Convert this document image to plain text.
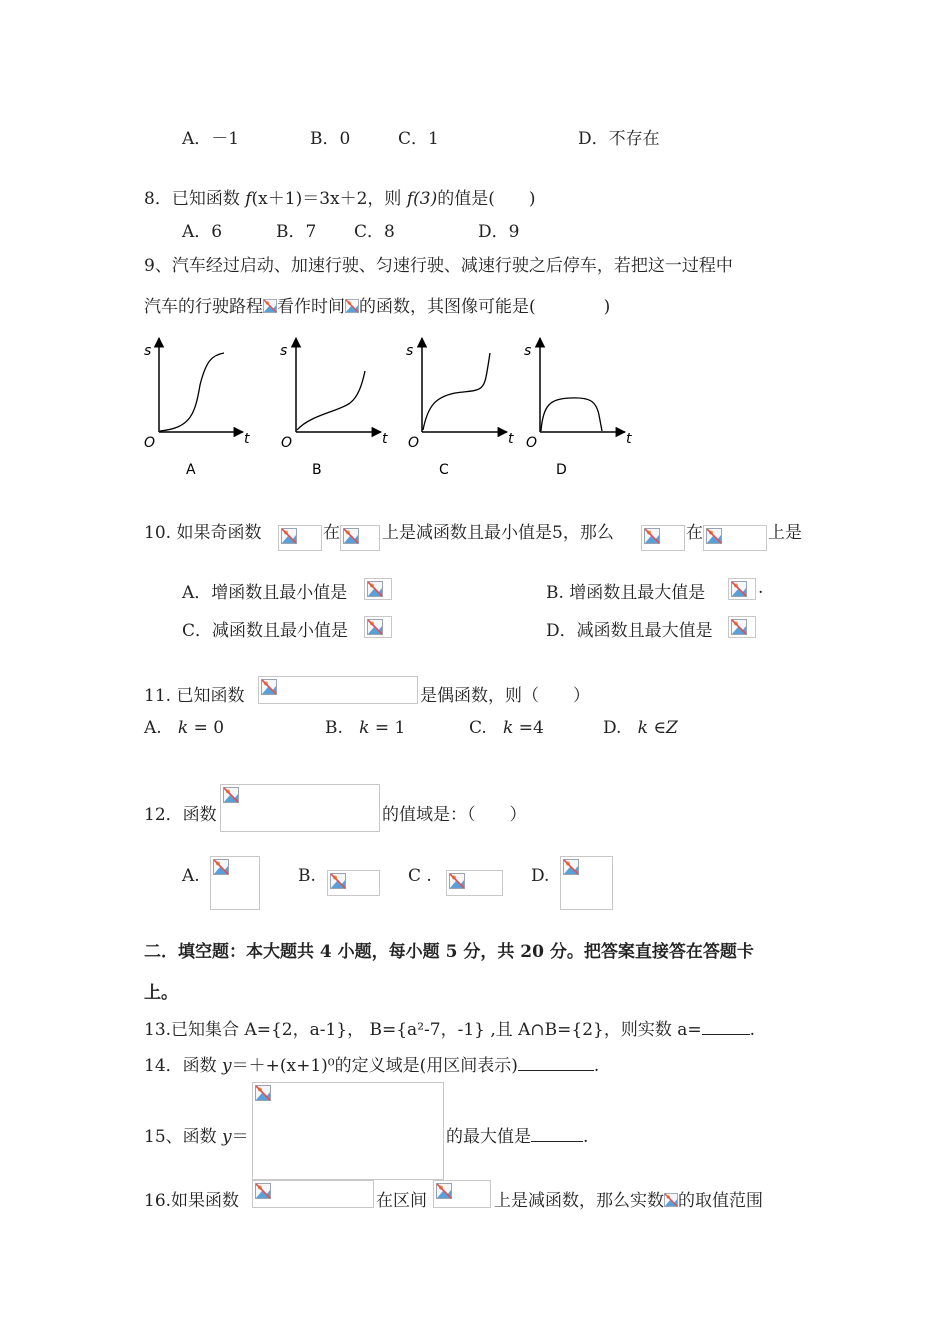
A．－1	B．0	C．1	D．不存在
8．已知函数 f(x＋1)＝3x＋2，则 f(3)的值是(　　)
A．6	B．7 C．8	D．9
9、汽车经过启动、加速行驶、匀速行驶、减速行驶之后停车，若把这一过程中
汽车的行驶路程 看作时间 的函数，其图像可能是(　　　　)
s
t
O
A
s
t
O
B
s
t
O
C
s
t
O
D
10. 如果奇函数	在 上是减函数且最小值是5，那么	在	上是
A．增函数且最小值是	B. 增函数且最大值是	.
C．减函数且最小值是	D．减函数且最大值是
11. 已知函数	是偶函数，则（　　）
A. k = 0	B. k = 1	C. k =4	D. k ∈Z
12．函数	的值域是：（　　）
A.	B.	C .	D.
二．填空题：本大题共 4 小题，每小题 5 分，共 20 分。把答案直接答在答题卡
上。
13.已知集合 A={2，a-1}， B={a²-7，-1} ,且 A∩B={2}，则实数 a=	.
14．函数 y＝＋+(x+1)⁰的定义域是(用区间表示)	.
15、函数 y＝	的最大值是	.
16.如果函数	在区间	上是减函数，那么实数 的取值范围
